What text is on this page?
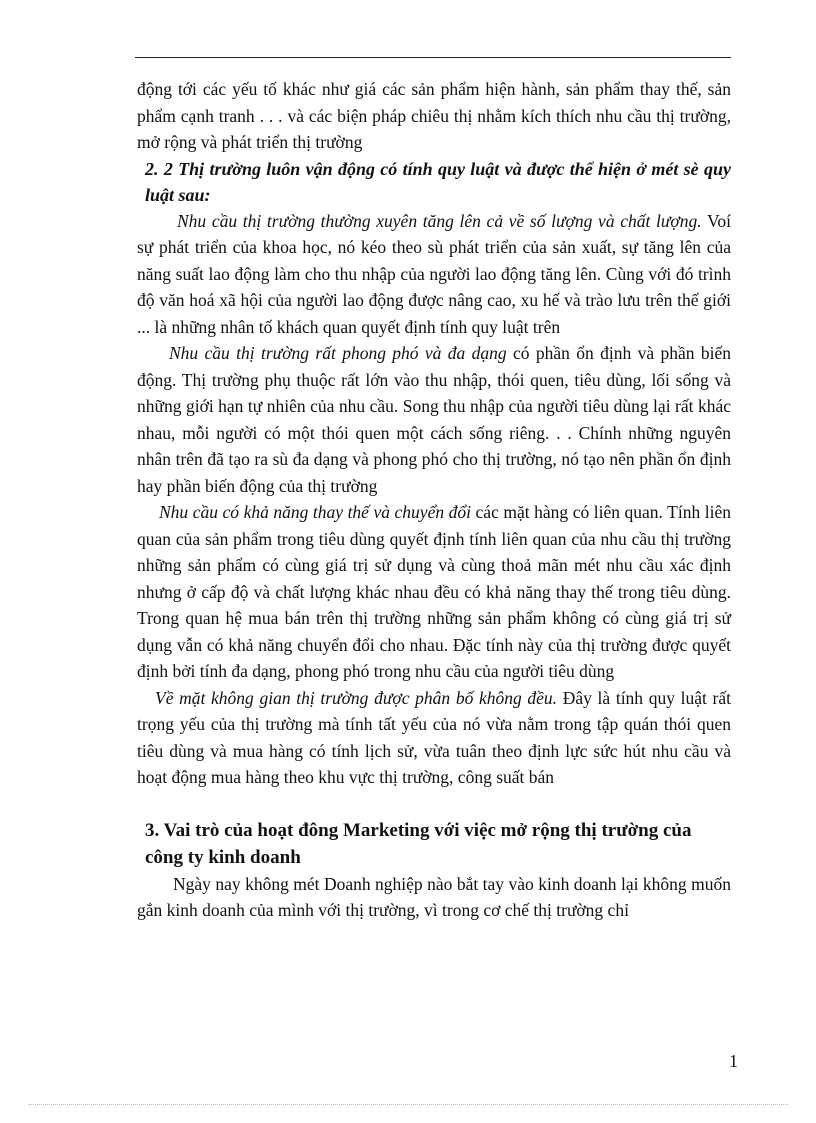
động tới các yếu tố khác như giá các sản phẩm hiện hành, sản phẩm thay thế, sản phẩm cạnh tranh . . . và các biện pháp chiêu thị nhằm kích thích nhu cầu thị trường, mở rộng và phát triển thị trường

2. 2 Thị trường luôn vận động có tính quy luật và được thể hiện ở mét sè quy luật sau:

Nhu cầu thị trường thường xuyên tăng lên cả về số lượng và chất lượng. Voí sự phát triển của khoa học, nó kéo theo sù phát triển của sản xuất, sự tăng lên của năng suất lao động làm cho thu nhập của người lao động tăng lên. Cùng với đó trình độ văn hoá xã hội của người lao động được nâng cao, xu hế và trào lưu trên thế giới ... là những nhân tố khách quan quyết định tính quy luật trên

Nhu cầu thị trường rất phong phó và đa dạng có phần ổn định và phần biến động. Thị trường phụ thuộc rất lớn vào thu nhập, thói quen, tiêu dùng, lối sống và những giới hạn tự nhiên của nhu cầu. Song thu nhập của người tiêu dùng lại rất khác nhau, mỗi người có một thói quen một cách sống riêng. . . Chính những nguyên nhân trên đã tạo ra sù đa dạng và phong phó cho thị trường, nó tạo nên phần ổn định hay phần biến động của thị trường

Nhu cầu có khả năng thay thế và chuyển đổi các mặt hàng có liên quan. Tính liên quan của sản phẩm trong tiêu dùng quyết định tính liên quan của nhu cầu thị trường những sản phẩm có cùng giá trị sử dụng và cùng thoả mãn mét nhu cầu xác định nhưng ở cấp độ và chất lượng khác nhau đều có khả năng thay thế trong tiêu dùng. Trong quan hệ mua bán trên thị trường những sản phẩm không có cùng giá trị sử dụng vẫn có khả năng chuyển đổi cho nhau. Đặc tính này của thị trường được quyết định bởi tính đa dạng, phong phó trong nhu cầu của người tiêu dùng

Về mặt không gian thị trường được phân bố không đều. Đây là tính quy luật rất trọng yếu của thị trường mà tính tất yếu của nó vừa nằm trong tập quán thói quen tiêu dùng và mua hàng có tính lịch sử, vừa tuân theo định lực sức hút nhu cầu và hoạt động mua hàng theo khu vực thị trường, công suất bán

3. Vai trò của hoạt đông Marketing với việc mở rộng thị trường của công ty kinh doanh

Ngày nay không mét Doanh nghiệp nào bắt tay vào kinh doanh lại không muốn gắn kinh doanh của mình với thị trường, vì trong cơ chế thị trường chỉ

1
